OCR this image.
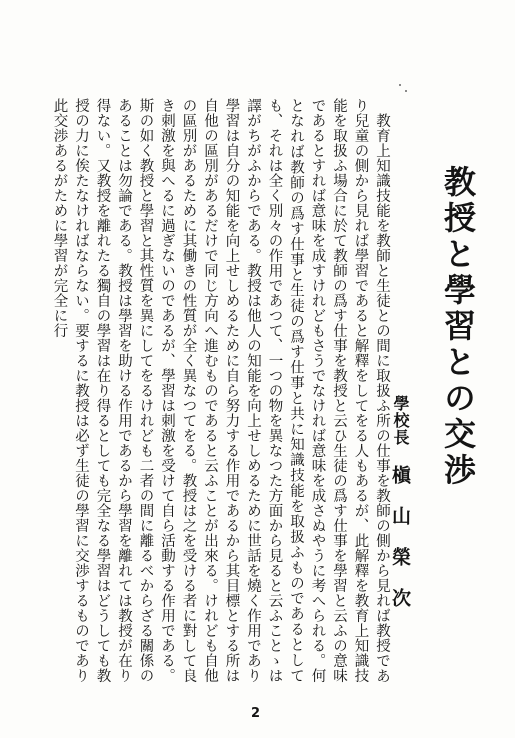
教授と學習との交渉
學校長 槇山榮次

教育上知識技能を教師と生徒との間に取扱ふ所の仕事を教師の側から見れば教授であり兒童の側から見れば學習であると解釋をしてをる人もあるが、此解釋を教育上知識技能を取扱ふ場合に於て教師の爲す仕事を教授と云ひ生徒の爲す仕事を學習と云ふの意味であるとすれば意味を成すけれどもさうでなければ意味を成さぬやうに考へられる。何となれば教師の爲す仕事と生徒の爲す仕事と共に知識技能を取扱ふものであるとしても、それは全く別々の作用であつて、一つの物を異なつた方面から見ると云ふことゝは譯がちがふからである。教授は他人の知能を向上せしめるために世話を燒く作用であり學習は自分の知能を向上せしめるために自ら努力する作用であるから其目標とする所は自他の區別があるだけで同じ方向へ進むものであると云ふことが出來る。けれども自他の區別があるために其働きの性質が全く異なつてをる。教授は之を受ける者に對して良き刺激を與へるに過ぎないのであるが、學習は刺激を受けて自ら活動する作用である。斯の如く教授と學習と其性質を異にしてをるけれども二者の間に離るべからざる關係のあることは勿論である。教授は學習を助ける作用であるから學習を離れては教授が在り得ない。又教授を離れたる獨自の學習は在り得るとしても完全なる學習はどうしても教授の力に俟たなければならない。要するに教授は必ず生徒の學習に交渉するものであり此交渉あるがために學習が完全に行

2
